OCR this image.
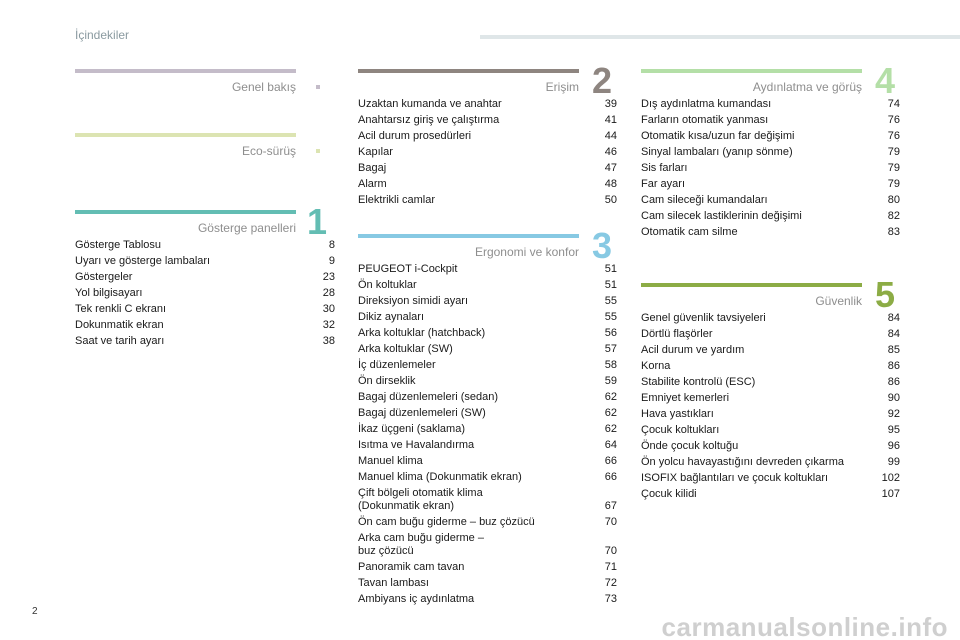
İçindekiler
Genel bakış
Eco-sürüş
Gösterge panelleri 1
Gösterge Tablosu	8
Uyarı ve gösterge lambaları	9
Göstergeler	23
Yol bilgisayarı	28
Tek renkli C ekranı	30
Dokunmatik ekran	32
Saat ve tarih ayarı	38
Erişim 2
Uzaktan kumanda ve anahtar	39
Anahtarsız giriş ve çalıştırma	41
Acil durum prosedürleri	44
Kapılar	46
Bagaj	47
Alarm	48
Elektrikli camlar	50
Ergonomi ve konfor 3
PEUGEOT i-Cockpit	51
Ön koltuklar	51
Direksiyon simidi ayarı	55
Dikiz aynaları	55
Arka koltuklar (hatchback)	56
Arka koltuklar (SW)	57
İç düzenlemeler	58
Ön dirseklik	59
Bagaj düzenlemeleri (sedan)	62
Bagaj düzenlemeleri (SW)	62
İkaz üçgeni (saklama)	62
Isıtma ve Havalandırma	64
Manuel klima	66
Manuel klima (Dokunmatik ekran)	66
Çift bölgeli otomatik klima
(Dokunmatik ekran)	67
Ön cam buğu giderme – buz çözücü	70
Arka cam buğu giderme –
buz çözücü	70
Panoramik cam tavan	71
Tavan lambası	72
Ambiyans iç aydınlatma	73
Aydınlatma ve görüş 4
Dış aydınlatma kumandası	74
Farların otomatik yanması	76
Otomatik kısa/uzun far değişimi	76
Sinyal lambaları (yanıp sönme)	79
Sis farları	79
Far ayarı	79
Cam sileceği kumandaları	80
Cam silecek lastiklerinin değişimi	82
Otomatik cam silme	83
Güvenlik 5
Genel güvenlik tavsiyeleri	84
Dörtlü flaşörler	84
Acil durum ve yardım	85
Korna	86
Stabilite kontrolü (ESC)	86
Emniyet kemerleri	90
Hava yastıkları	92
Çocuk koltukları	95
Önde çocuk koltuğu	96
Ön yolcu havayastığını devreden çıkarma	99
ISOFIX bağlantıları ve çocuk koltukları	102
Çocuk kilidi	107
2
carmanualsonline.info
